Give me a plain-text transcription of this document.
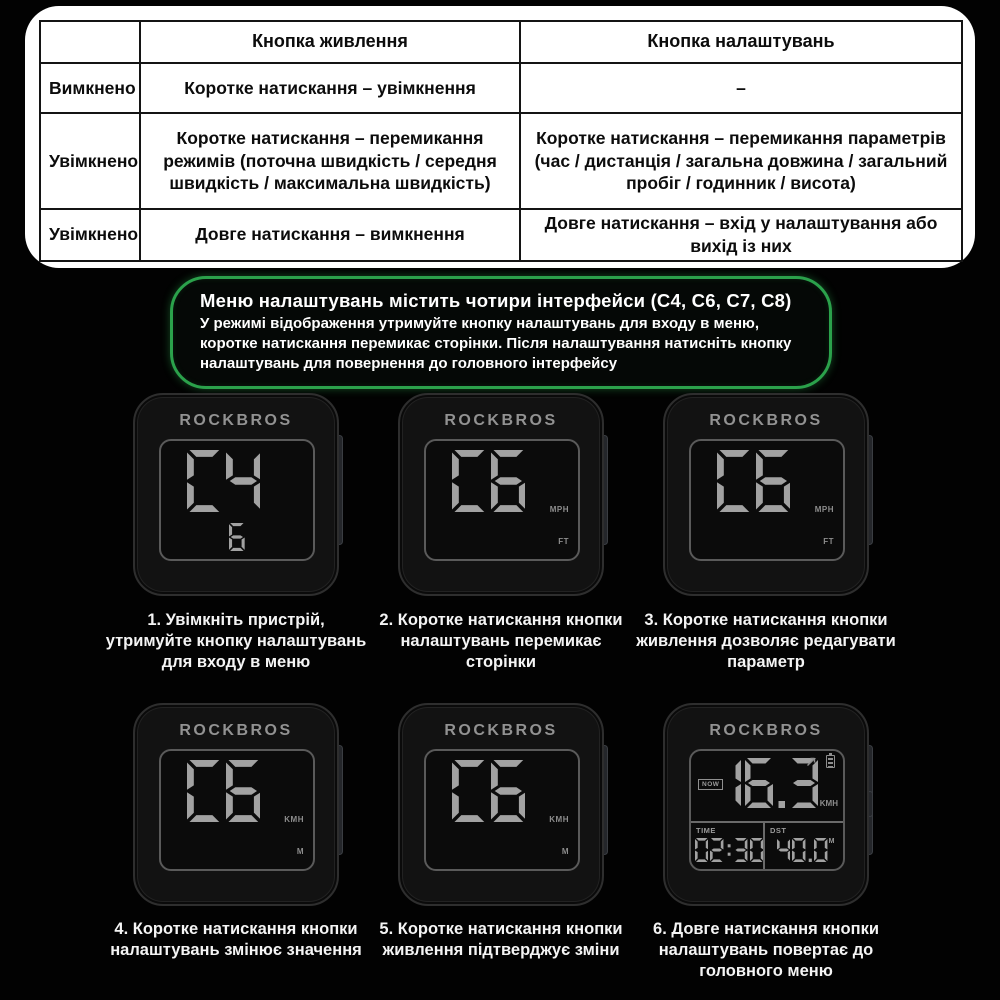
	Кнопка живлення	Кнопка налаштувань
Вимкнено	Коротке натискання – увімкнення	–
Увімкнено	Коротке натискання – перемикання режимів (поточна швидкість / середня швидкість / максимальна швидкість)	Коротке натискання – перемикання параметрів (час / дистанція / загальна довжина / загальний пробіг / годинник / висота)
Увімкнено	Довге натискання – вимкнення	Довге натискання – вхід у налаштування або вихід із них
Меню налаштувань містить чотири інтерфейси (C4, C6, C7, C8)
У режимі відображення утримуйте кнопку налаштувань для входу в меню, коротке натискання перемикає сторінки. Після налаштування натисніть кнопку налаштувань для повернення до головного інтерфейсу
ROCKBROS	ROCKBROS
MPH
FT
ROCKBROS
MPH
FT
ROCKBROS
KMH
M
ROCKBROS
KMH
M
ROCKBROS
NOW
KMH
TIME	DST
M
1. Увімкніть пристрій, утримуйте кнопку налаштувань для входу в меню
2. Коротке натискання кнопки налаштувань перемикає сторінки
3. Коротке натискання кнопки живлення дозволяє редагувати параметр
4. Коротке натискання кнопки налаштувань змінює значення
5. Коротке натискання кнопки живлення підтверджує зміни
6. Довге натискання кнопки налаштувань повертає до головного меню
